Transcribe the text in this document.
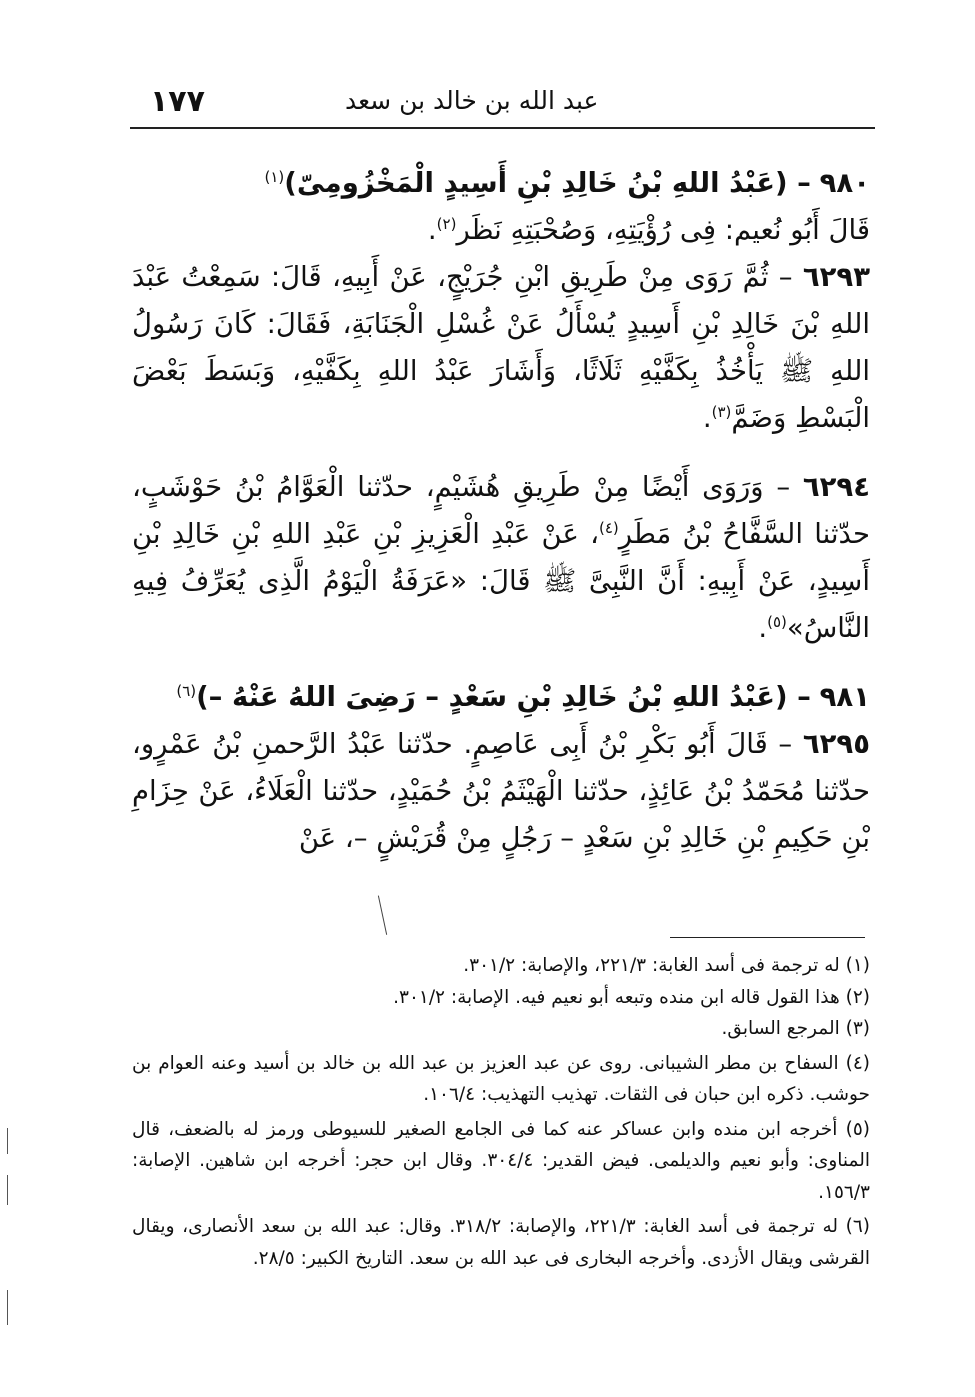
١٧٧	عبد الله بن خالد بن سعد

٩٨٠ – (عَبْدُ اللهِ بْنُ خَالِدِ بْنِ أَسِيدٍ الْمَخْزُومِىّ)$^{(١)}$

قَالَ أَبُو نُعيم: فِى رُؤْيَتِهِ، وَصُحْبَتِهِ نَظَر$^{(٢)}$.

٦٢٩٣ – ثُمَّ رَوَى مِنْ طَرِيقِ ابْنِ جُرَيْجٍ، عَنْ أَبِيهِ، قَالَ: سَمِعْتُ عَبْدَ اللهِ بْنَ خَالِدِ بْنِ أَسِيدٍ يُسْأَلُ عَنْ غُسْلِ الْجَنَابَةِ، فَقَالَ: كَانَ رَسُولُ اللهِ ﷺ يَأْخُذُ بِكَفَّيْهِ ثَلَاثًا، وَأَشَارَ عَبْدُ اللهِ بِكَفَّيْهِ، وَبَسَطَ بَعْضَ الْبَسْطِ وَضَمَّ$^{(٣)}$.

٦٢٩٤ – وَرَوَى أَيْضًا مِنْ طَرِيقِ هُشَيْمٍ، حدّثنا الْعَوَّامُ بْنُ حَوْشَبٍ، حدّثنا السَّفَّاحُ بْنُ مَطَرٍ$^{(٤)}$، عَنْ عَبْدِ الْعَزِيزِ بْنِ عَبْدِ اللهِ بْنِ خَالِدِ بْنِ أَسِيدٍ، عَنْ أَبِيهِ: أَنَّ النَّبِىَّ ﷺ قَالَ: «عَرَفَةُ الْيَوْمُ الَّذِى يُعَرِّفُ فِيهِ النَّاسُ»$^{(٥)}$.

٩٨١ – (عَبْدُ اللهِ بْنُ خَالِدِ بْنِ سَعْدٍ – رَضِىَ اللهُ عَنْهُ –)$^{(٦)}$

٦٢٩٥ – قَالَ أَبُو بَكْرِ بْنُ أَبِى عَاصِمٍ. حدّثنا عَبْدُ الرَّحمنِ بْنُ عَمْرٍو، حدّثنا مُحَمّدُ بْنُ عَائِذٍ، حدّثنا الْهَيْثَمُ بْنُ حُمَيْدٍ، حدّثنا الْعَلَاءُ، عَنْ حِزَامِ بْنِ حَكِيمِ بْنِ خَالِدِ بْنِ سَعْدٍ – رَجُلٍ مِنْ قُرَيْشٍ –، عَنْ

(١) له ترجمة فى أسد الغابة: ٢٢١/٣، والإصابة: ٣٠١/٢.

(٢) هذا القول قاله ابن منده وتبعه أبو نعيم فيه. الإصابة: ٣٠١/٢.

(٣) المرجع السابق.

(٤) السفاح بن مطر الشيبانى. روى عن عبد العزيز بن عبد الله بن خالد بن أسيد وعنه العوام بن حوشب. ذكره ابن حبان فى الثقات. تهذيب التهذيب: ١٠٦/٤.

(٥) أخرجه ابن منده وابن عساكر عنه كما فى الجامع الصغير للسيوطى ورمز له بالضعف، قال المناوى: وأبو نعيم والديلمى. فيض القدير: ٣٠٤/٤. وقال ابن حجر: أخرجه ابن شاهين. الإصابة: ١٥٦/٣.

(٦) له ترجمة فى أسد الغابة: ٢٢١/٣، والإصابة: ٣١٨/٢. وقال: عبد الله بن سعد الأنصارى، ويقال القرشى ويقال الأزدى. وأخرجه البخارى فى عبد الله بن سعد. التاريخ الكبير: ٢٨/٥.
